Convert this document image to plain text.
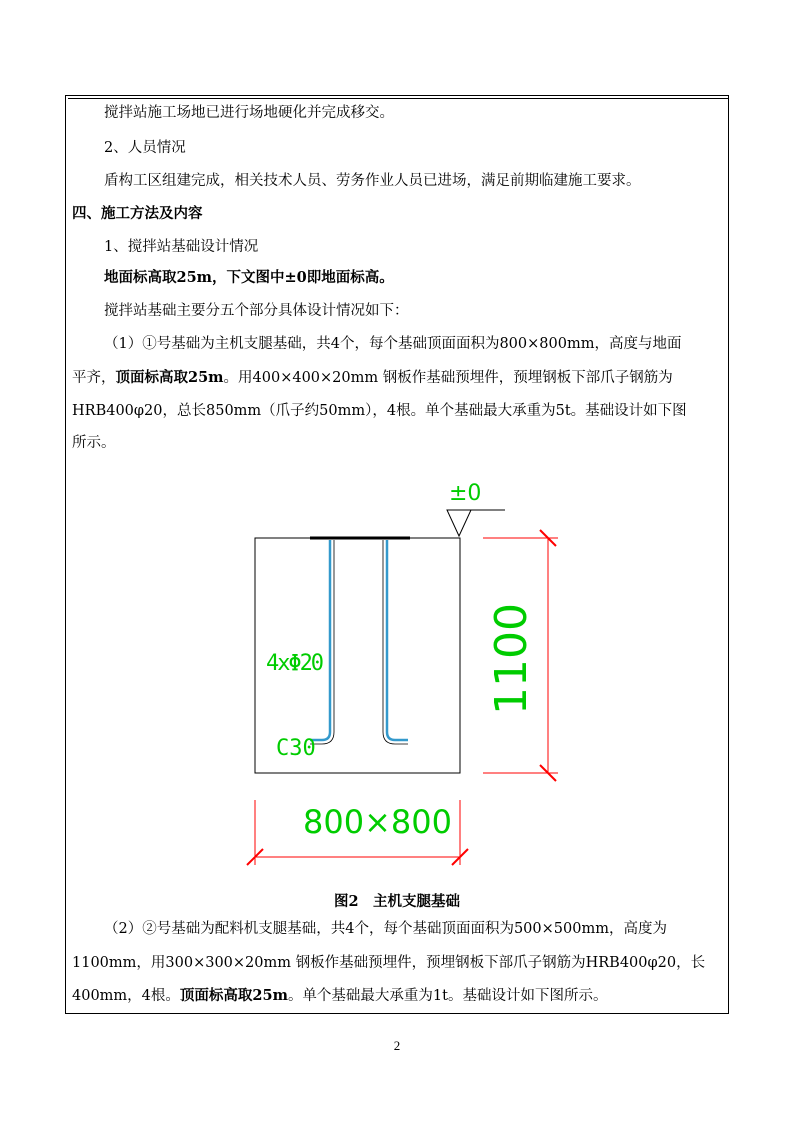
搅拌站施工场地已进行场地硬化并完成移交。
2、人员情况
盾构工区组建完成，相关技术人员、劳务作业人员已进场，满足前期临建施工要求。
四、施工方法及内容
1、搅拌站基础设计情况
地面标高取25m，下文图中±0即地面标高。
搅拌站基础主要分五个部分具体设计情况如下：
（1）①号基础为主机支腿基础，共4个，每个基础顶面面积为800×800mm，高度与地面
平齐，顶面标高取25m。用400×400×20mm 钢板作基础预埋件，预埋钢板下部爪子钢筋为
HRB400φ20，总长850mm（爪子约50mm），4根。单个基础最大承重为5t。基础设计如下图
所示。
±0
4xΦ20
C30
1100
800×800
图2　主机支腿基础
（2）②号基础为配料机支腿基础，共4个，每个基础顶面面积为500×500mm，高度为
1100mm，用300×300×20mm 钢板作基础预埋件，预埋钢板下部爪子钢筋为HRB400φ20，长
400mm，4根。顶面标高取25m。单个基础最大承重为1t。基础设计如下图所示。
2
